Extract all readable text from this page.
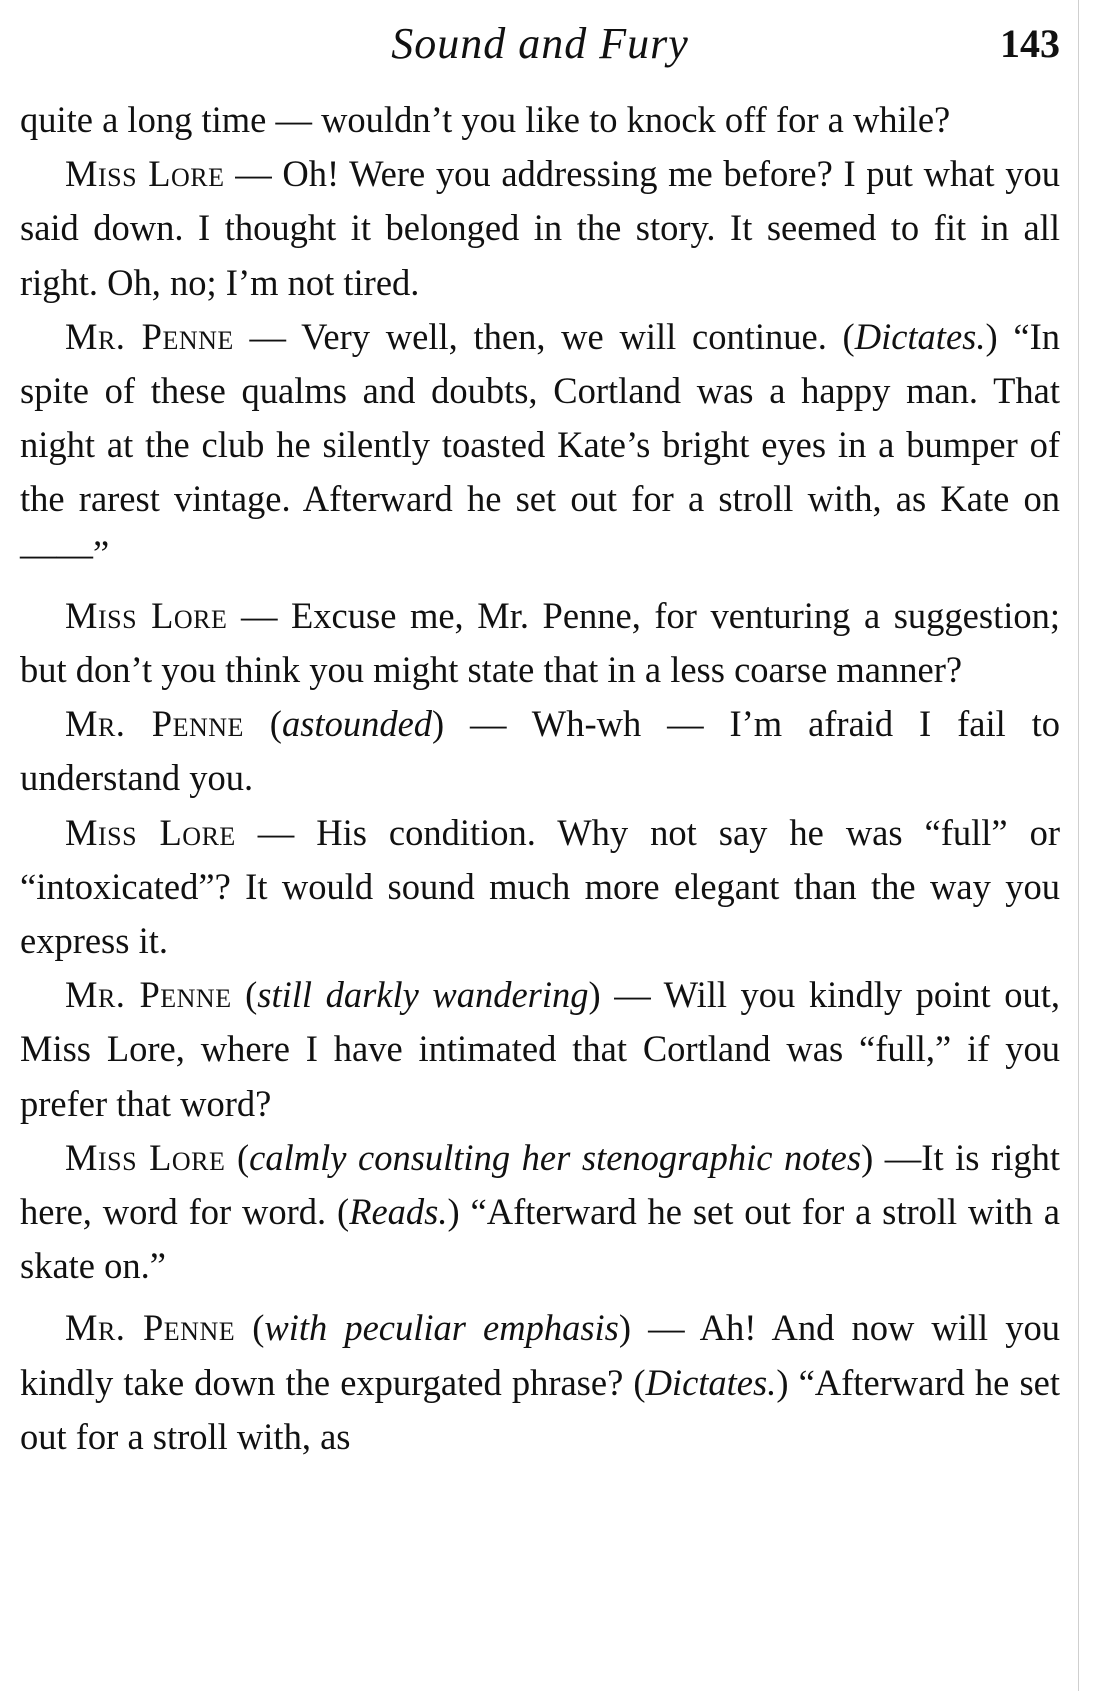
Sound and Fury	143

quite a long time — wouldn’t you like to knock off for a while?

Miss Lore — Oh! Were you addressing me before? I put what you said down. I thought it belonged in the story. It seemed to fit in all right. Oh, no; I’m not tired.

Mr. Penne — Very well, then, we will continue. (Dictates.) “In spite of these qualms and doubts, Cortland was a happy man. That night at the club he silently toasted Kate’s bright eyes in a bumper of the rarest vintage. Afterward he set out for a stroll with, as Kate on ——”

Miss Lore — Excuse me, Mr. Penne, for venturing a suggestion; but don’t you think you might state that in a less coarse manner?

Mr. Penne (astounded) — Wh-wh — I’m afraid I fail to understand you.

Miss Lore — His condition. Why not say he was “full” or “intoxicated”? It would sound much more elegant than the way you express it.

Mr. Penne (still darkly wandering) — Will you kindly point out, Miss Lore, where I have intimated that Cortland was “full,” if you prefer that word?

Miss Lore (calmly consulting her stenographic notes) —It is right here, word for word. (Reads.) “Afterward he set out for a stroll with a skate on.”

Mr. Penne (with peculiar emphasis) — Ah! And now will you kindly take down the expurgated phrase? (Dictates.) “Afterward he set out for a stroll with, as
